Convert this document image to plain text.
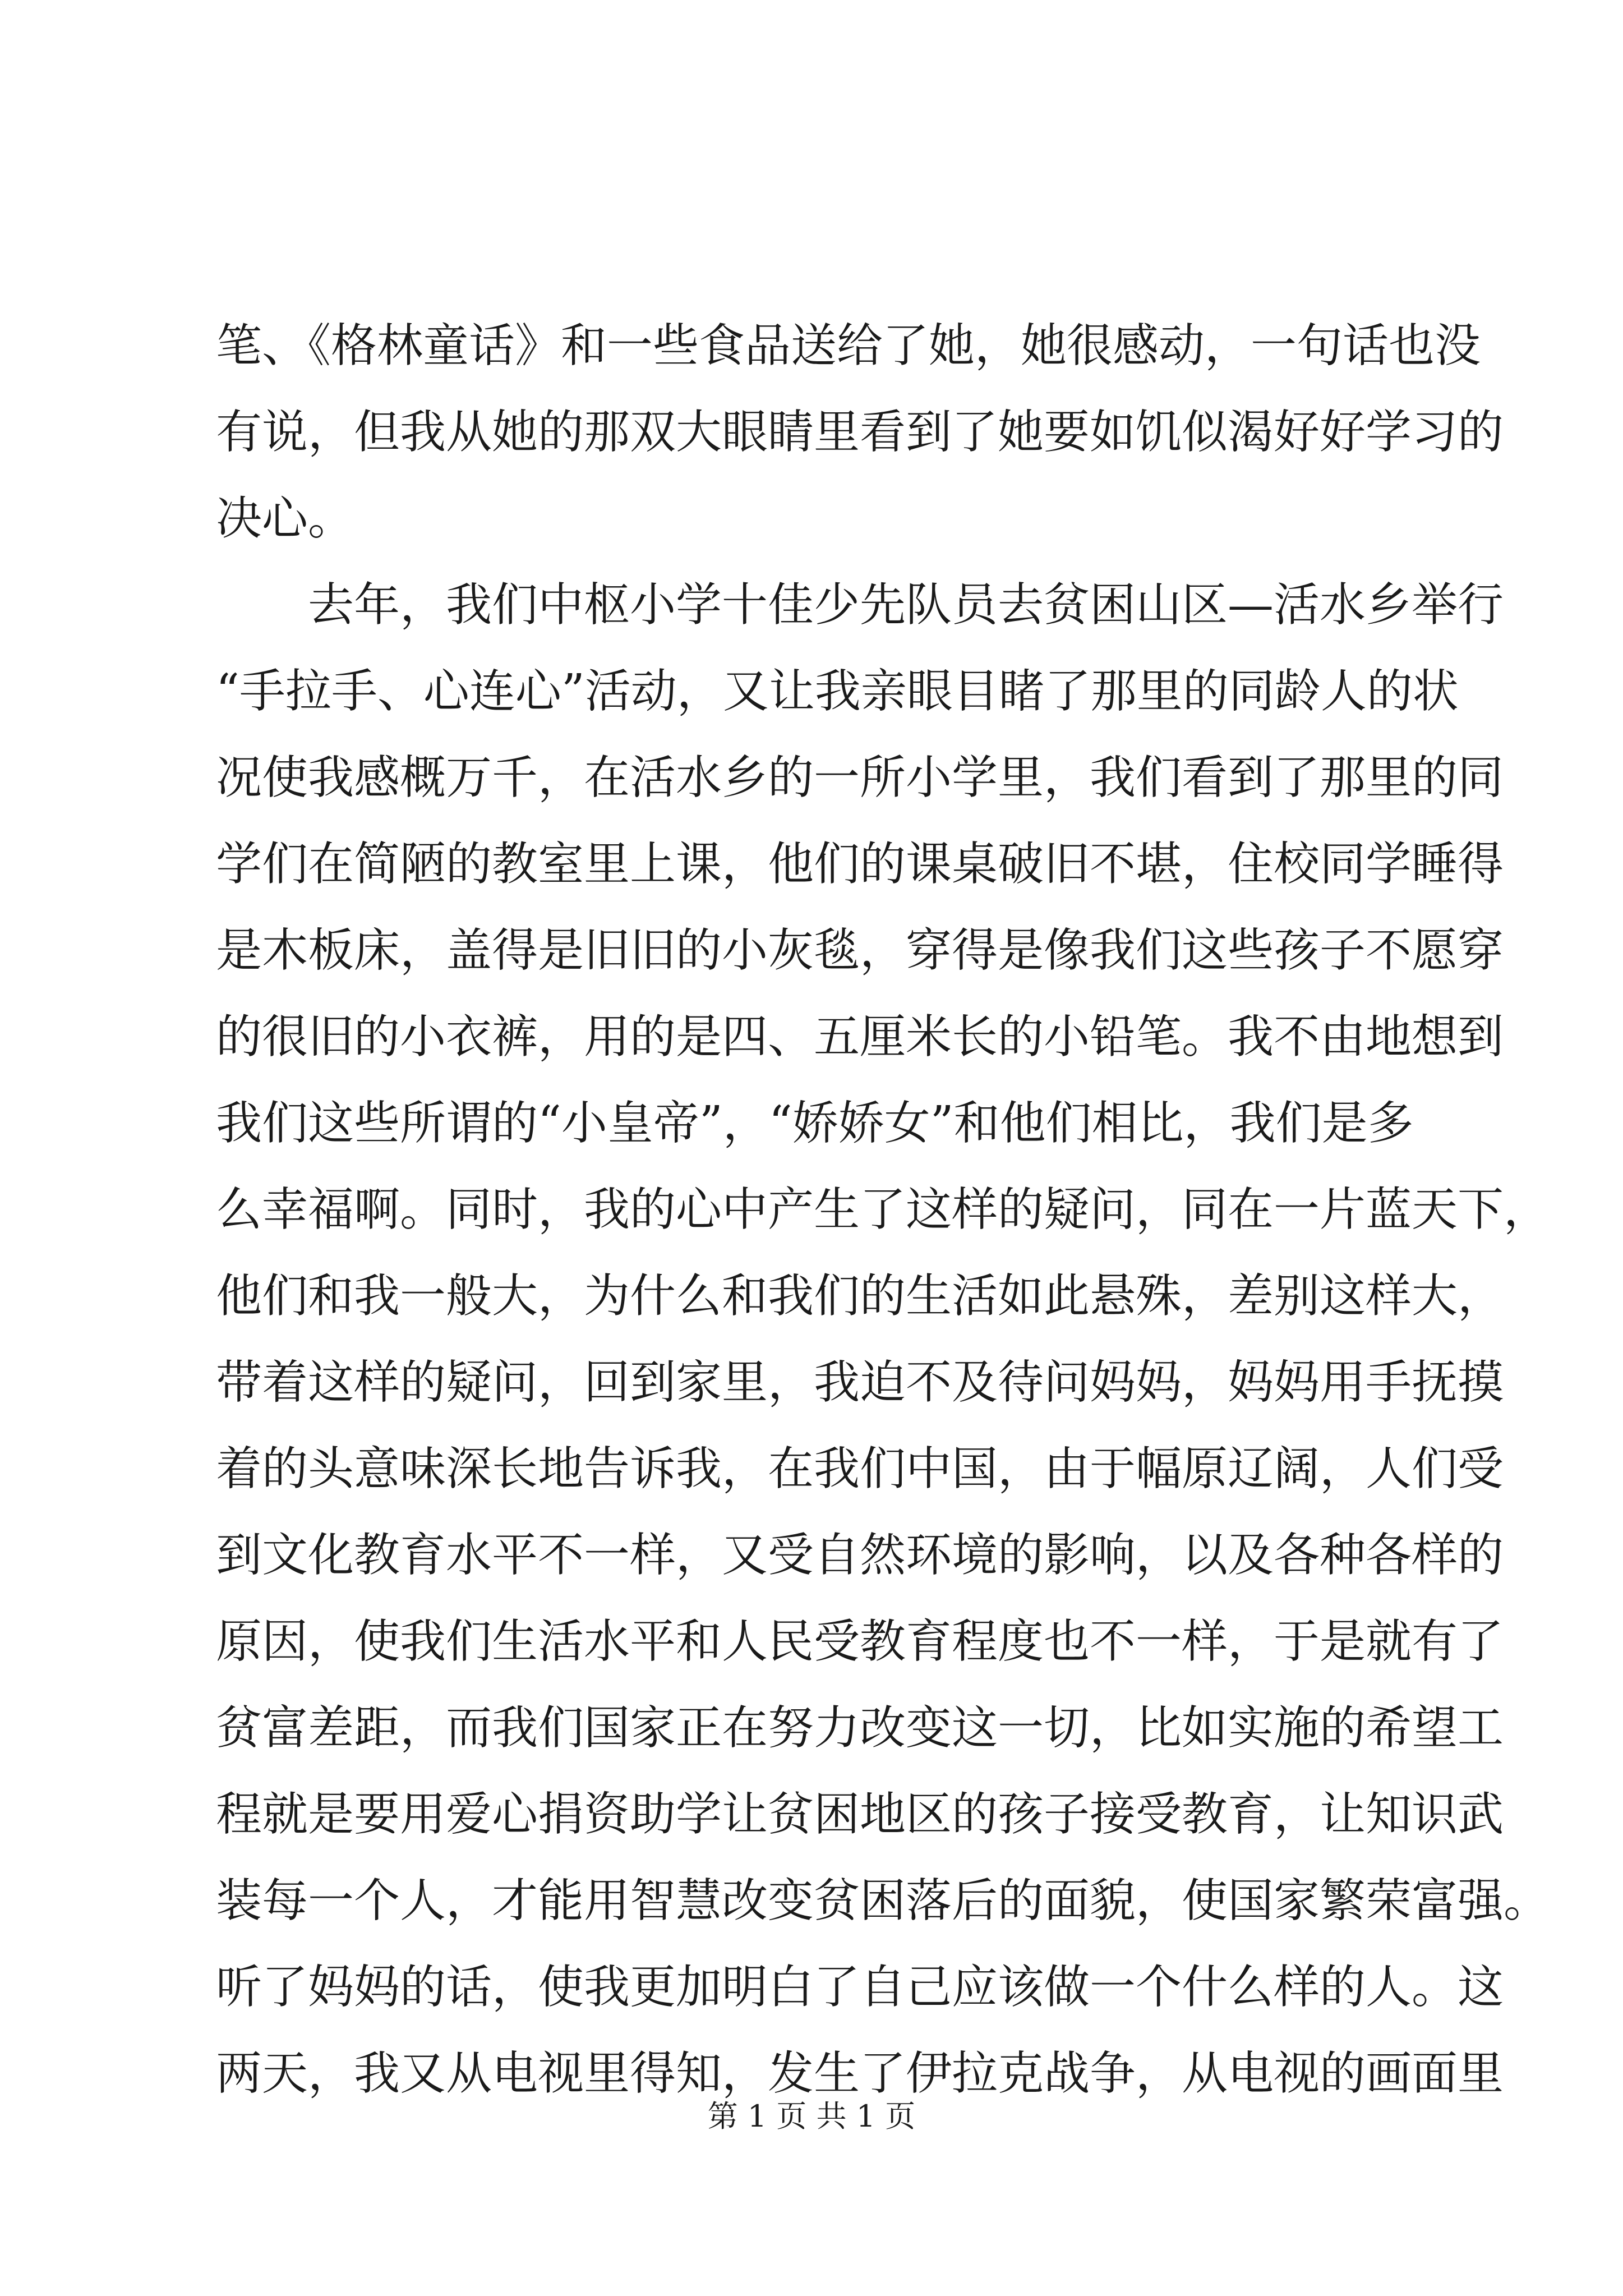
笔、《格林童话》和一些食品送给了她，她很感动，一句话也没
有说，但我从她的那双大眼睛里看到了她要如饥似渴好好学习的
决心。
去年，我们中枢小学十佳少先队员去贫困山区—活水乡举行
“手拉手、心连心”活动，又让我亲眼目睹了那里的同龄人的状
况使我感概万千，在活水乡的一所小学里，我们看到了那里的同
学们在简陋的教室里上课，他们的课桌破旧不堪，住校同学睡得
是木板床，盖得是旧旧的小灰毯，穿得是像我们这些孩子不愿穿
的很旧的小衣裤，用的是四、五厘米长的小铅笔。我不由地想到
我们这些所谓的“小皇帝”，“娇娇女”和他们相比，我们是多
么幸福啊。同时，我的心中产生了这样的疑问，同在一片蓝天下，
他们和我一般大，为什么和我们的生活如此悬殊，差别这样大，
带着这样的疑问，回到家里，我迫不及待问妈妈，妈妈用手抚摸
着的头意味深长地告诉我，在我们中国，由于幅原辽阔，人们受
到文化教育水平不一样，又受自然环境的影响，以及各种各样的
原因，使我们生活水平和人民受教育程度也不一样，于是就有了
贫富差距，而我们国家正在努力改变这一切，比如实施的希望工
程就是要用爱心捐资助学让贫困地区的孩子接受教育，让知识武
装每一个人，才能用智慧改变贫困落后的面貌，使国家繁荣富强。
听了妈妈的话，使我更加明白了自己应该做一个什么样的人。这
两天，我又从电视里得知，发生了伊拉克战争，从电视的画面里
第 1 页 共 1 页
